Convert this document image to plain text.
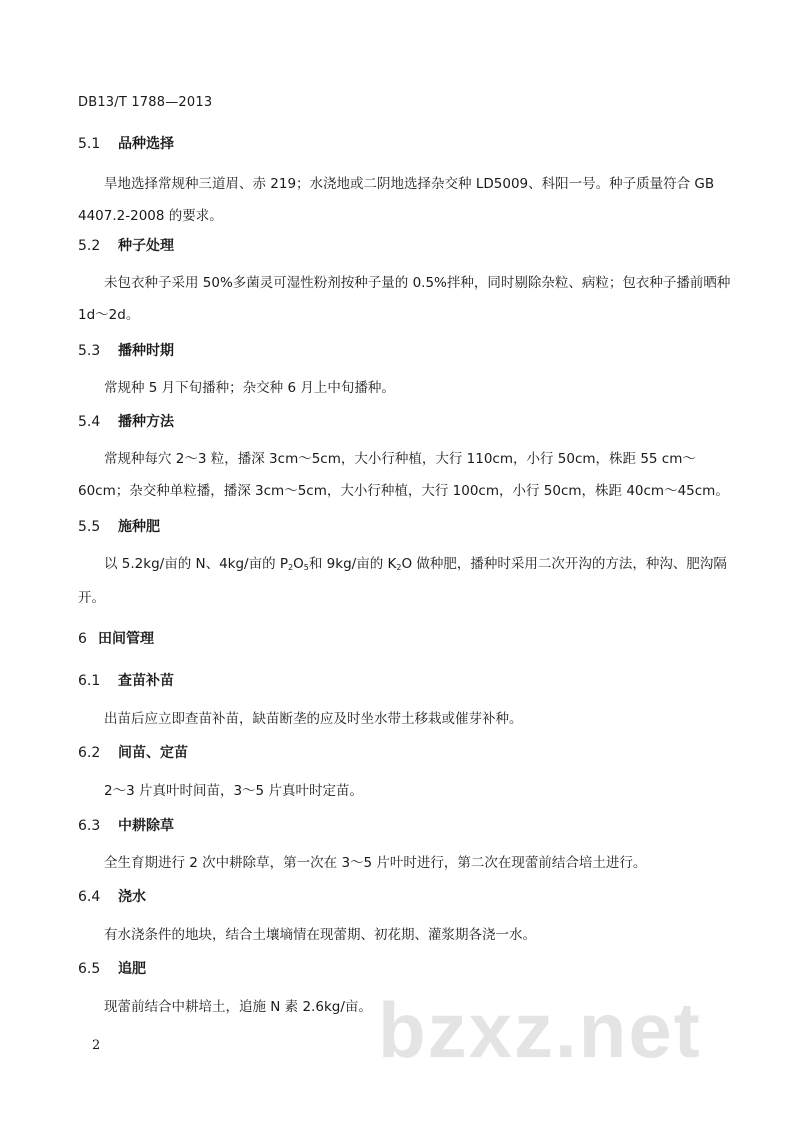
DB13/T 1788—2013
5.1 品种选择
旱地选择常规种三道眉、赤 219；水浇地或二阴地选择杂交种 LD5009、科阳一号。种子质量符合 GB 4407.2-2008 的要求。
5.2 种子处理
未包衣种子采用 50%多菌灵可湿性粉剂按种子量的 0.5%拌种，同时剔除杂粒、病粒；包衣种子播前晒种 1d～2d。
5.3 播种时期
常规种 5 月下旬播种；杂交种 6 月上中旬播种。
5.4 播种方法
常规种每穴 2～3 粒，播深 3cm～5cm，大小行种植，大行 110cm，小行 50cm，株距 55 cm～60cm；杂交种单粒播，播深 3cm～5cm，大小行种植，大行 100cm，小行 50cm，株距 40cm～45cm。
5.5 施种肥
以 5.2kg/亩的 N、4kg/亩的 $P_2O_5$和 9kg/亩的 $K_2O$ 做种肥，播种时采用二次开沟的方法，种沟、肥沟隔开。
6 田间管理
6.1 查苗补苗
出苗后应立即查苗补苗，缺苗断垄的应及时坐水带土移栽或催芽补种。
6.2 间苗、定苗
2～3 片真叶时间苗，3～5 片真叶时定苗。
6.3 中耕除草
全生育期进行 2 次中耕除草，第一次在 3～5 片叶时进行，第二次在现蕾前结合培土进行。
6.4 浇水
有水浇条件的地块，结合土壤墒情在现蕾期、初花期、灌浆期各浇一水。
6.5 追肥
现蕾前结合中耕培土，追施 N 素 2.6kg/亩。 bzxz.net
2
